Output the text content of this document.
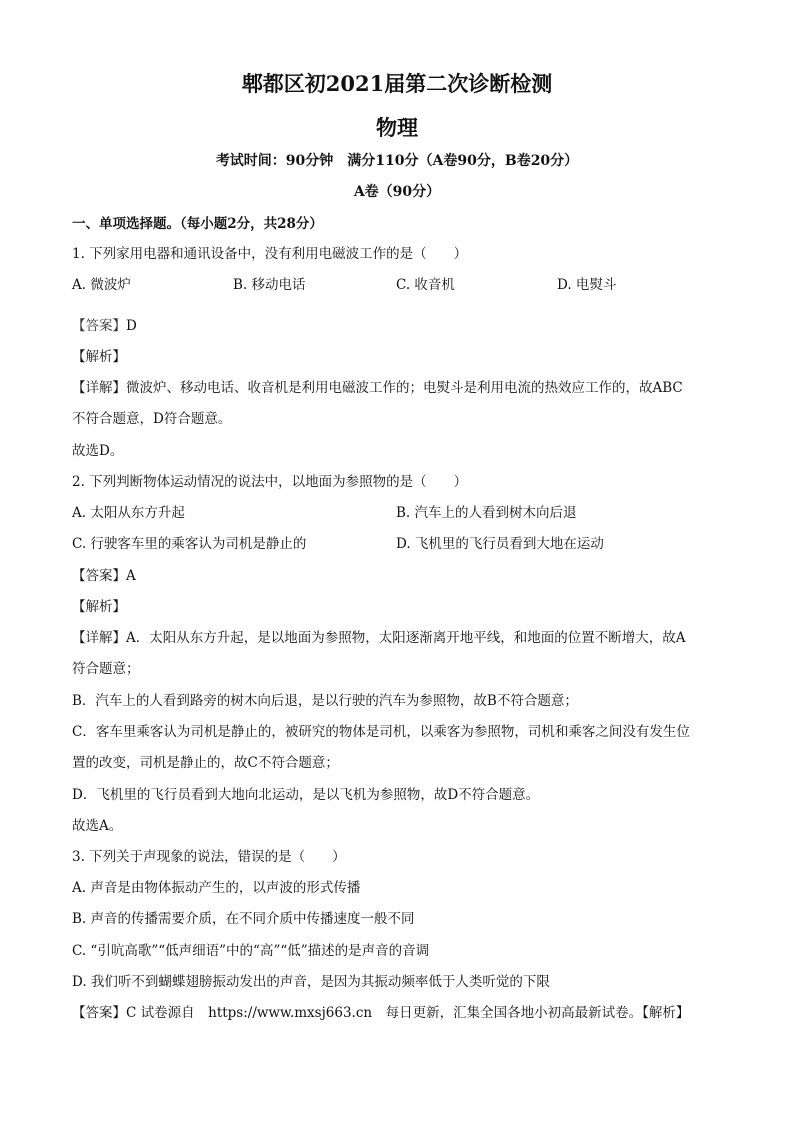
郫都区初2021届第二次诊断检测
物理
考试时间：90分钟　满分110分（A卷90分，B卷20分）
A卷（90分）
一、单项选择题。（每小题2分，共28分）
1. 下列家用电器和通讯设备中，没有利用电磁波工作的是（　　）
A. 微波炉	B. 移动电话	C. 收音机	D. 电熨斗
【答案】D
【解析】
【详解】微波炉、移动电话、收音机是利用电磁波工作的；电熨斗是利用电流的热效应工作的，故ABC
不符合题意，D符合题意。
故选D。
2. 下列判断物体运动情况的说法中，以地面为参照物的是（　　）
A. 太阳从东方升起	B. 汽车上的人看到树木向后退
C. 行驶客车里的乘客认为司机是静止的	D. 飞机里的飞行员看到大地在运动
【答案】A
【解析】
【详解】A．太阳从东方升起，是以地面为参照物，太阳逐渐离开地平线，和地面的位置不断增大，故A
符合题意；
B．汽车上的人看到路旁的树木向后退，是以行驶的汽车为参照物，故B不符合题意；
C．客车里乘客认为司机是静止的，被研究的物体是司机，以乘客为参照物，司机和乘客之间没有发生位
置的改变，司机是静止的，故C不符合题意；
D．飞机里的飞行员看到大地向北运动，是以飞机为参照物，故D不符合题意。
故选A。
3. 下列关于声现象的说法，错误的是（　　）
A. 声音是由物体振动产生的，以声波的形式传播
B. 声音的传播需要介质，在不同介质中传播速度一般不同
C. “引吭高歌”“低声细语”中的“高”“低”描述的是声音的音调
D. 我们听不到蝴蝶翅膀振动发出的声音，是因为其振动频率低于人类听觉的下限
【答案】C 试卷源自　https://www.mxsj663.cn　每日更新，汇集全国各地小初高最新试卷。【解析】
